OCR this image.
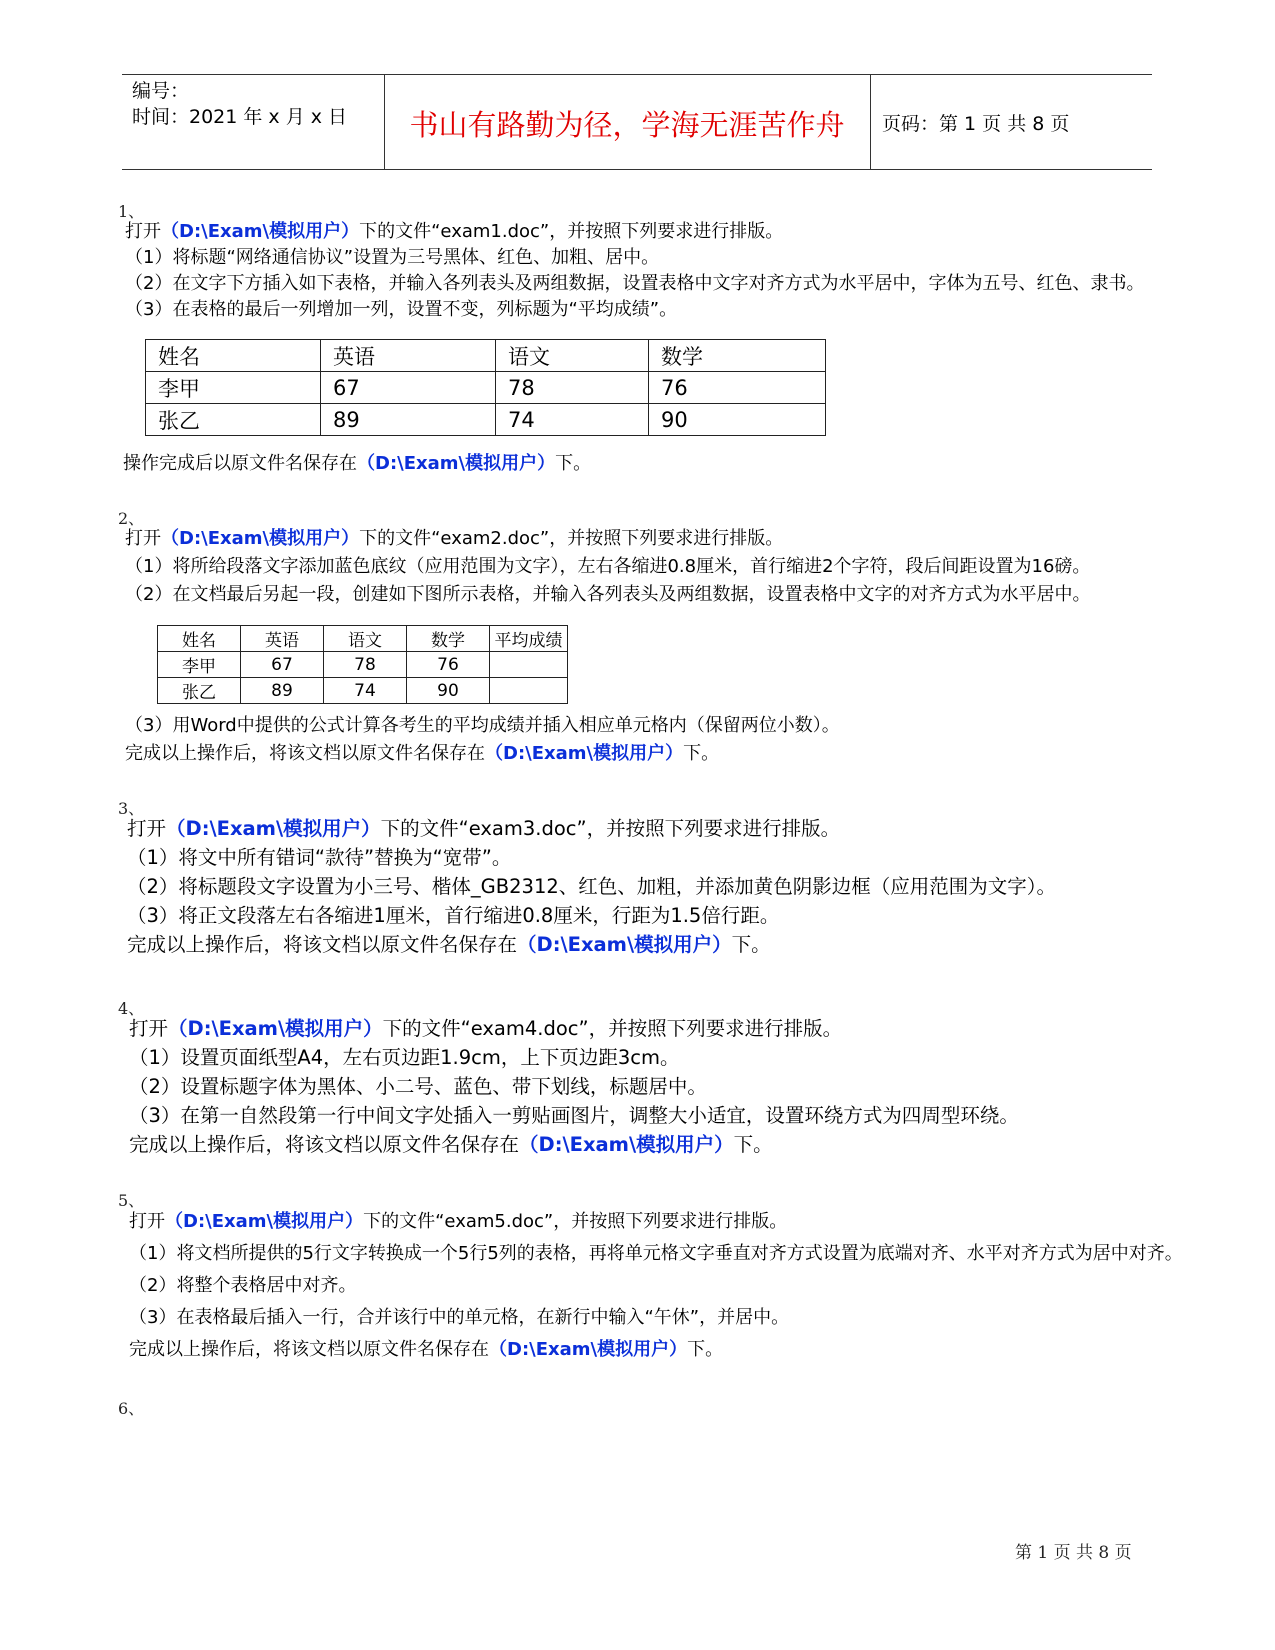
编号：
时间：2021 年 x 月 x 日	书山有路勤为径，学海无涯苦作舟	页码：第 1 页 共 8 页
1、
打开（D:\Exam\模拟用户）下的文件“exam1.doc”，并按照下列要求进行排版。
（1）将标题“网络通信协议”设置为三号黑体、红色、加粗、居中。
（2）在文字下方插入如下表格，并输入各列表头及两组数据，设置表格中文字对齐方式为水平居中，字体为五号、红色、隶书。
（3）在表格的最后一列增加一列，设置不变，列标题为“平均成绩”。
姓名	英语	语文	数学
李甲	67	78	76
张乙	89	74	90
操作完成后以原文件名保存在（D:\Exam\模拟用户）下。
2、
打开（D:\Exam\模拟用户）下的文件“exam2.doc”，并按照下列要求进行排版。
（1）将所给段落文字添加蓝色底纹（应用范围为文字），左右各缩进0.8厘米，首行缩进2个字符，段后间距设置为16磅。
（2）在文档最后另起一段，创建如下图所示表格，并输入各列表头及两组数据，设置表格中文字的对齐方式为水平居中。
姓名	英语	语文	数学	平均成绩
李甲	67	78	76	
张乙	89	74	90	
（3）用Word中提供的公式计算各考生的平均成绩并插入相应单元格内（保留两位小数）。
完成以上操作后，将该文档以原文件名保存在（D:\Exam\模拟用户）下。
3、
打开（D:\Exam\模拟用户）下的文件“exam3.doc”，并按照下列要求进行排版。
（1）将文中所有错词“款待”替换为“宽带”。
（2）将标题段文字设置为小三号、楷体_GB2312、红色、加粗，并添加黄色阴影边框（应用范围为文字）。
（3）将正文段落左右各缩进1厘米，首行缩进0.8厘米，行距为1.5倍行距。
完成以上操作后，将该文档以原文件名保存在（D:\Exam\模拟用户）下。
4、
打开（D:\Exam\模拟用户）下的文件“exam4.doc”，并按照下列要求进行排版。
（1）设置页面纸型A4，左右页边距1.9cm，上下页边距3cm。
（2）设置标题字体为黑体、小二号、蓝色、带下划线，标题居中。
（3）在第一自然段第一行中间文字处插入一剪贴画图片，调整大小适宜，设置环绕方式为四周型环绕。
完成以上操作后，将该文档以原文件名保存在（D:\Exam\模拟用户）下。
5、
打开（D:\Exam\模拟用户）下的文件“exam5.doc”，并按照下列要求进行排版。
（1）将文档所提供的5行文字转换成一个5行5列的表格，再将单元格文字垂直对齐方式设置为底端对齐、水平对齐方式为居中对齐。
（2）将整个表格居中对齐。
（3）在表格最后插入一行，合并该行中的单元格，在新行中输入“午休”，并居中。
完成以上操作后，将该文档以原文件名保存在（D:\Exam\模拟用户）下。
6、
第 1 页 共 8 页
